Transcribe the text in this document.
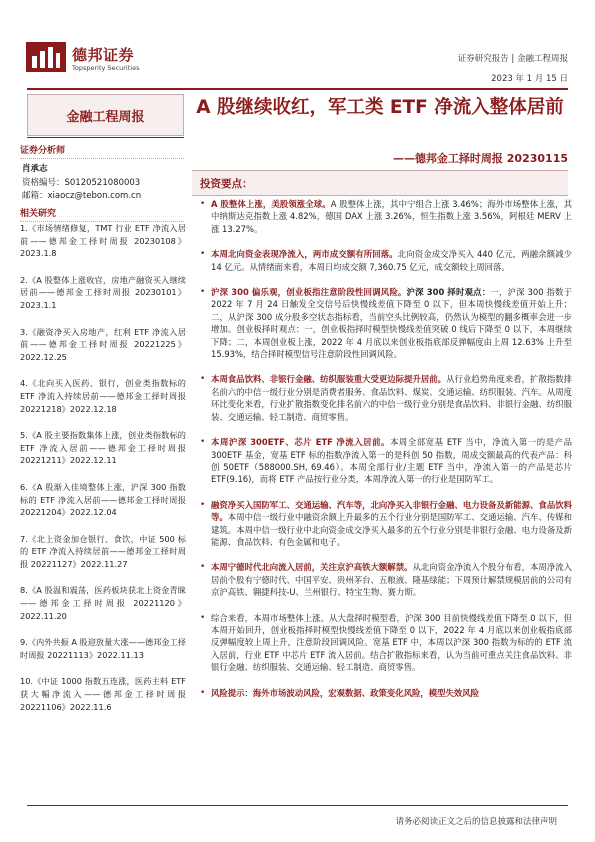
德邦证券
Topsperity Securities
证券研究报告 | 金融工程周报
2023 年 1 月 15 日
金融工程周报
证券分析师
肖承志
资格编号：S0120521080003
邮箱：xiaocz@tebon.com.cn
相关研究
1.《市场情绪修复，TMT 行业 ETF 净流入居前——德邦金工择时周报 20230108》2023.1.8
2.《A 股整体上涨收官，房地产融资买入继续居前——德邦金工择时周报 20230101》2023.1.1
3.《融资净买入房地产，红利 ETF 净流入居前——德邦金工择时周报 20221225》2022.12.25
4.《北向买入医药、银行，创业类指数标的 ETF 净流入持续居前——德邦金工择时周报 20221218》2022.12.18
5.《A 股主要指数集体上涨，创业类指数标的 ETF 净流入居前——德邦金工择时周报 20221211》2022.12.11
6.《A 股渐入佳境整体上涨，沪深 300 指数标的 ETF 净流入居前——德邦金工择时周报 20221204》2022.12.04
7.《北上资金加仓银行、食饮，中证 500 标的 ETF 净流入持续居前——德邦金工择时周报 20221127》2022.11.27
8.《A 股温和震荡，医药板块获北上资金青睐——德邦金工择时周报 20221120》2022.11.20
9.《内外共振 A 股迎放量大涨——德邦金工择时周报 20221113》2022.11.13
10.《中证 1000 指数五连涨，医药主料 ETF 获大幅净流入——德邦金工择时周报 20221106》2022.11.6
A 股继续收红，军工类 ETF 净流入整体居前
——德邦金工择时周报 20230115
投资要点：
• A 股整体上涨，美股领涨全球。A 股整体上涨，其中宁组合上涨 3.46%；海外市场整体上涨，其中纳斯达克指数上涨 4.82%，德国 DAX 上涨 3.26%，恒生指数上涨 3.56%，阿根廷 MERV 上涨 13.27%。
• 本周北向资金表现净流入，两市成交额有所回落。北向资金成交净买入 440 亿元，两融余额减少 14 亿元。从情绪面来看，本周日均成交额 7,360.75 亿元，成交额较上周回落。
• 沪深 300 偏乐观，创业板指注意阶段性回调风险。沪深 300 择时观点：一，沪深 300 指数于 2022 年 7 月 24 日触发全交信号后快慢线差值下降至 0 以下，但本周快慢线差值开始上升；二，从沪深 300 成分股多空状态指标看，当前空头比例较高，仍然认为模型的翻多概率会进一步增加。创业板择时观点：一，创业板指择时模型快慢线差值突破 0 线后下降至 0 以下，本周继续下降；二，本周创业板上涨，2022 年 4 月底以来创业板指底部反弹幅度由上周 12.63% 上升至 15.93%，结合择时模型信号注意阶段性回调风险。
• 本周食品饮料、非银行金融、纺织服装重大受更边际提升居前。从行业趋势角度来看，扩散指数排名前六的中信一级行业分别是消费者服务、食品饮料、煤炭、交通运输、纺织服装、汽车。从周度环比变化来看，行业扩散指数变化排名前六的中信一级行业分别是食品饮料、非银行金融、纺织服装、交通运输、轻工制造、商贸零售。
• 本周沪深 300ETF、芯片 ETF 净流入居前。本周全部宽基 ETF 当中，净流入第一的是产品 300ETF 基金，宽基 ETF 标的指数净流入第一的是科创 50 指数，周成交额最高的代表产品：科创 50ETF（588000.SH, 69.46）。本周全部行业/主题 ETF 当中，净流入第一的产品是芯片 ETF(9.16)，而将 ETF 产品按行业分类，本周净流入第一的行业是国防军工。
• 融资净买入国防军工、交通运输、汽车等，北向净买入非银行金融、电力设备及新能源、食品饮料等。本周中信一级行业中融资余额上升最多的五个行业分别是国防军工、交通运输、汽车、传媒和建筑。本周中信一级行业中北向资金成交净买入最多的五个行业分别是非银行金融、电力设备及新能源、食品饮料、有色金属和电子。
• 本周宁德时代北向流入居前，关注京沪高铁大额解禁。从北向资金净流入个股分布看，本周净流入居前个股有宁德时代、中国平安、贵州茅台、五粮液、隆基绿能；下周预计解禁规模居前的公司有京沪高铁、翱捷科技-U、兰州银行、特宝生物、赛力斯。
• 综合来看，本周市场整体上涨。从大盘择时模型看，沪深 300 目前快慢线差值下降至 0 以下，但本周开始回升，创业板指择时模型快慢线差值下降至 0 以下，2022 年 4 月底以来创业板指底部反弹幅度较上周上升，注意阶段回调风险。宽基 ETF 中，本周以沪深 300 指数为标的的 ETF 流入居前，行业 ETF 中芯片 ETF 流入居前。结合扩散指标来看，认为当前可重点关注食品饮料、非银行金融、纺织服装、交通运输、轻工制造、商贸零售。
• 风险提示：海外市场波动风险，宏观数据、政策变化风险，模型失效风险
请务必阅读正文之后的信息披露和法律声明
